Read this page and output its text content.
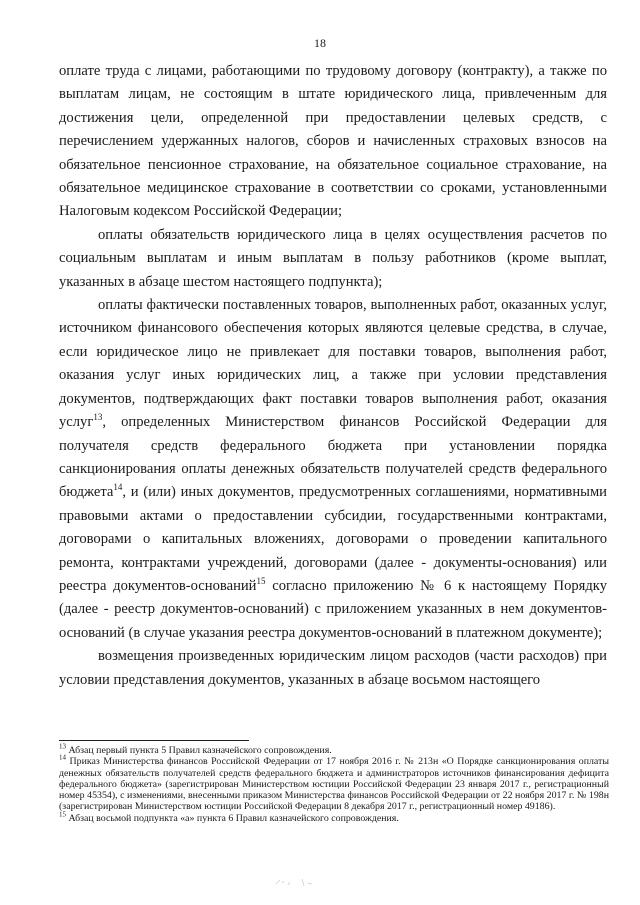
18

оплате труда с лицами, работающими по трудовому договору (контракту), а также по выплатам лицам, не состоящим в штате юридического лица, привлеченным для достижения цели, определенной при предоставлении целевых средств, с перечислением удержанных налогов, сборов и начисленных страховых взносов на обязательное пенсионное страхование, на обязательное социальное страхование, на обязательное медицинское страхование в соответствии со сроками, установленными Налоговым кодексом Российской Федерации;

оплаты обязательств юридического лица в целях осуществления расчетов по социальным выплатам и иным выплатам в пользу работников (кроме выплат, указанных в абзаце шестом настоящего подпункта);

оплаты фактически поставленных товаров, выполненных работ, оказанных услуг, источником финансового обеспечения которых являются целевые средства, в случае, если юридическое лицо не привлекает для поставки товаров, выполнения работ, оказания услуг иных юридических лиц, а также при условии представления документов, подтверждающих факт поставки товаров выполнения работ, оказания услуг$^{13}$, определенных Министерством финансов Российской Федерации для получателя средств федерального бюджета при установлении порядка санкционирования оплаты денежных обязательств получателей средств федерального бюджета$^{14}$, и (или) иных документов, предусмотренных соглашениями, нормативными правовыми актами о предоставлении субсидии, государственными контрактами, договорами о капитальных вложениях, договорами о проведении капитального ремонта, контрактами учреждений, договорами (далее - документы-основания) или реестра документов-оснований$^{15}$ согласно приложению № 6 к настоящему Порядку (далее - реестр документов-оснований) с приложением указанных в нем документов-оснований (в случае указания реестра документов-оснований в платежном документе);

возмещения произведенных юридическим лицом расходов (части расходов) при условии представления документов, указанных в абзаце восьмом настоящего

$^{13}$ Абзац первый пункта 5 Правил казначейского сопровождения.

$^{14}$ Приказ Министерства финансов Российской Федерации от 17 ноября 2016 г. № 213н «О Порядке санкционирования оплаты денежных обязательств получателей средств федерального бюджета и администраторов источников финансирования дефицита федерального бюджета» (зарегистрирован Министерством юстиции Российской Федерации 23 января 2017 г., регистрационный номер 45354), с изменениями, внесенными приказом Министерства финансов Российской Федерации от 22 ноября 2017 г. № 198н (зарегистрирован Министерством юстиции Российской Федерации 8 декабря 2017 г., регистрационный номер 49186).

$^{15}$ Абзац восьмой подпункта «а» пункта 6 Правил казначейского сопровождения.
